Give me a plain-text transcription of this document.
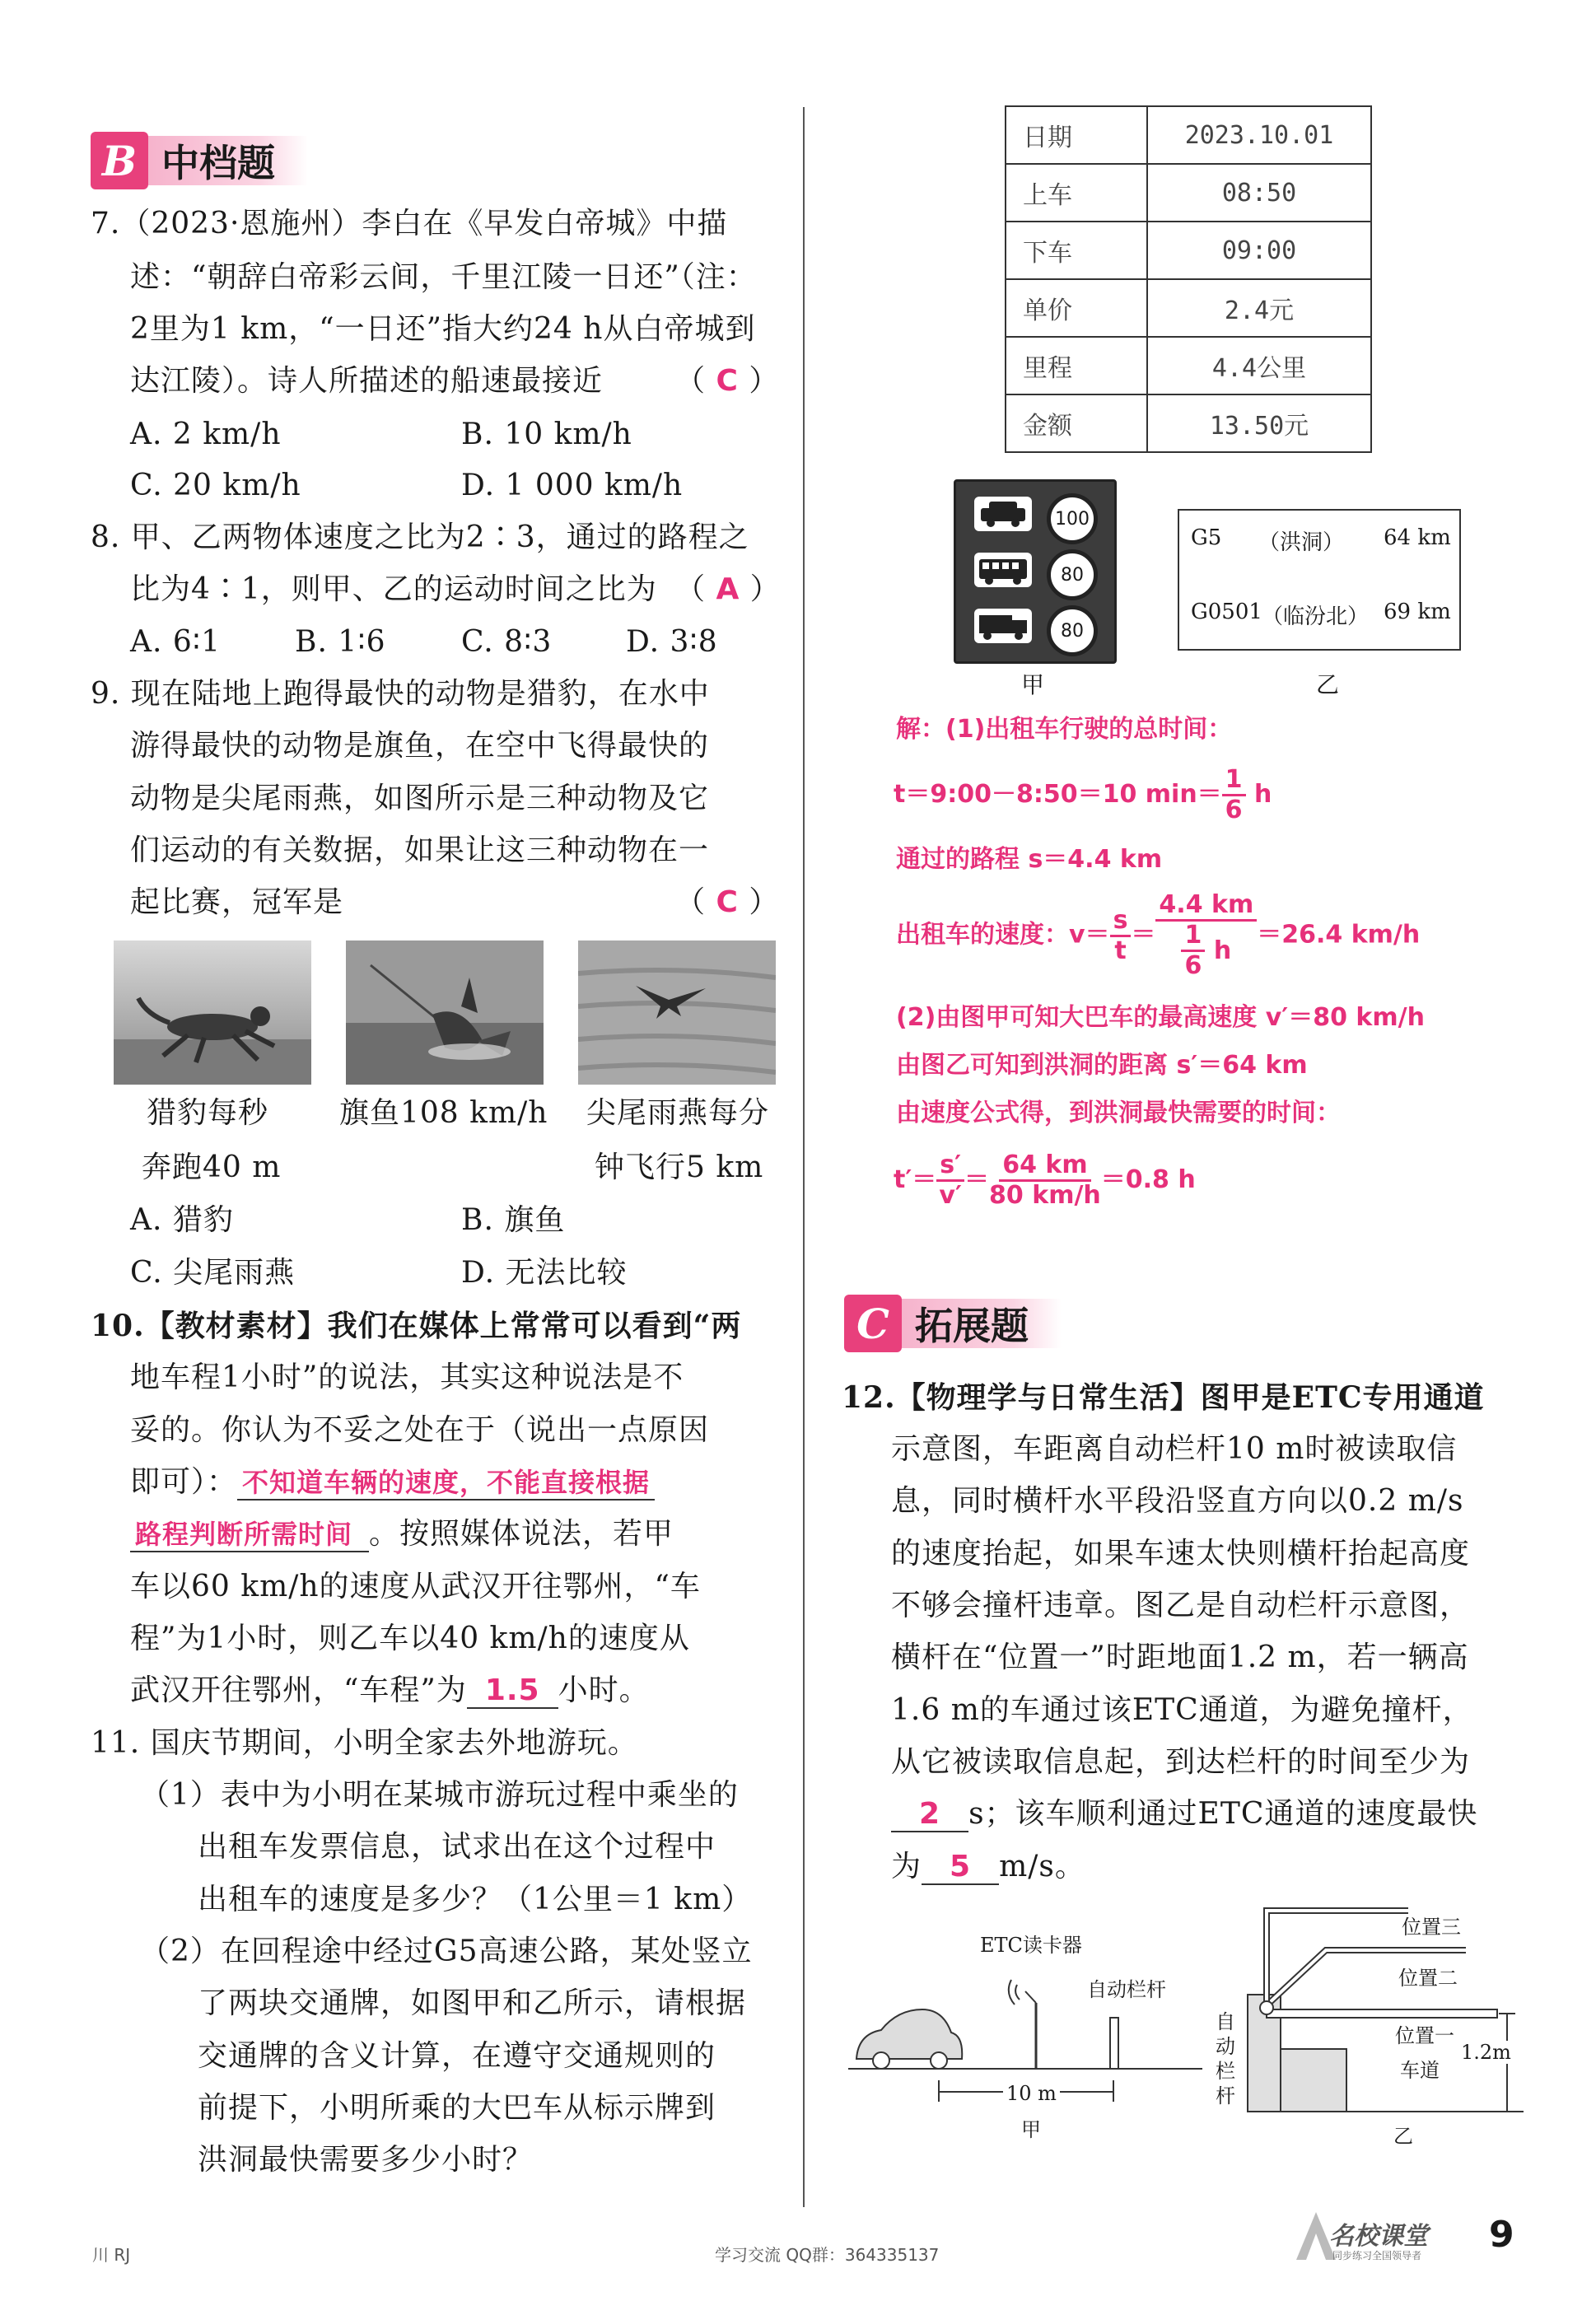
B 中档题
7.（2023·恩施州）李白在《早发白帝城》中描
述：“朝辞白帝彩云间，千里江陵一日还”（注：
2里为1 km，“一日还”指大约24 h从白帝城到
达江陵）。诗人所描述的船速最接近 （ C ）
A. 2 km/h	B. 10 km/h
C. 20 km/h	D. 1 000 km/h
8. 甲、乙两物体速度之比为2∶3，通过的路程之
比为4∶1，则甲、乙的运动时间之比为 （ A ）
A. 6∶1 B. 1∶6	C. 8∶3 D. 3∶8
9. 现在陆地上跑得最快的动物是猎豹，在水中
游得最快的动物是旗鱼，在空中飞得最快的
动物是尖尾雨燕，如图所示是三种动物及它
们运动的有关数据，如果让这三种动物在一
起比赛，冠军是	（ C ）
猎豹每秒
奔跑40 m
旗鱼108 km/h 尖尾雨燕每分
钟飞行5 km
A. 猎豹	B. 旗鱼
C. 尖尾雨燕	D. 无法比较
10.【教材素材】我们在媒体上常常可以看到“两
地车程1小时”的说法，其实这种说法是不
妥的。你认为不妥之处在于（说出一点原因
即可）： 不知道车辆的速度，不能直接根据
路程判断所需时间 。按照媒体说法，若甲
车以60 km/h的速度从武汉开往鄂州，“车
程”为1小时，则乙车以40 km/h的速度从
武汉开往鄂州，“车程”为 1.5 小时。
11. 国庆节期间，小明全家去外地游玩。
（1）表中为小明在某城市游玩过程中乘坐的
出租车发票信息，试求出在这个过程中
出租车的速度是多少？（1公里＝1 km）
（2）在回程途中经过G5高速公路，某处竖立
了两块交通牌，如图甲和乙所示，请根据
交通牌的含义计算，在遵守交通规则的
前提下，小明所乘的大巴车从标示牌到
洪洞最快需要多少小时？
日期	2023.10.01
上车	08:50
下车	09:00
单价	2.4元
里程	4.4公里
金额	13.50元
100
80
80
甲
G5 （洪洞） 64 km
G0501 （临汾北） 69 km
乙
解：(1)出租车行驶的总时间：
t＝9:00－8:50＝10 $\min= \frac{1}{6}$ h
通过的路程 s＝4.4 km
出租车的速度：$v= \frac{s}{t} = 4.4$ km
$\frac{1}{6}$
h ＝26.4 km/h
(2)由图甲可知大巴车的最高速度 v′＝80 km/h
由图乙可知到洪洞的距离 s′＝64 km
由速度公式得，到洪洞最快需要的时间：
$t'= \frac{s'}{v'} = \frac{64 km}{80 km/h} =0.8$ h
C 拓展题
12.【物理学与日常生活】图甲是ETC专用通道
示意图，车距离自动栏杆10 m时被读取信
息，同时横杆水平段沿竖直方向以0.2 m/s
的速度抬起，如果车速太快则横杆抬起高度
不够会撞杆违章。图乙是自动栏杆示意图，
横杆在“位置一”时距地面1.2 m，若一辆高
1.6 m的车通过该ETC通道，为避免撞杆，
从它被读取信息起，到达栏杆的时间至少为
2 s；该车顺利通过ETC通道的速度最快
为 5 m/s。
ETC读卡器
自动栏杆
10 m
甲
位置三
位置二
位置一
车道
1.2m
自动栏杆
乙
川 RJ	学习交流 QQ群：364335137
名校课堂
同步练习全国领导者 9
